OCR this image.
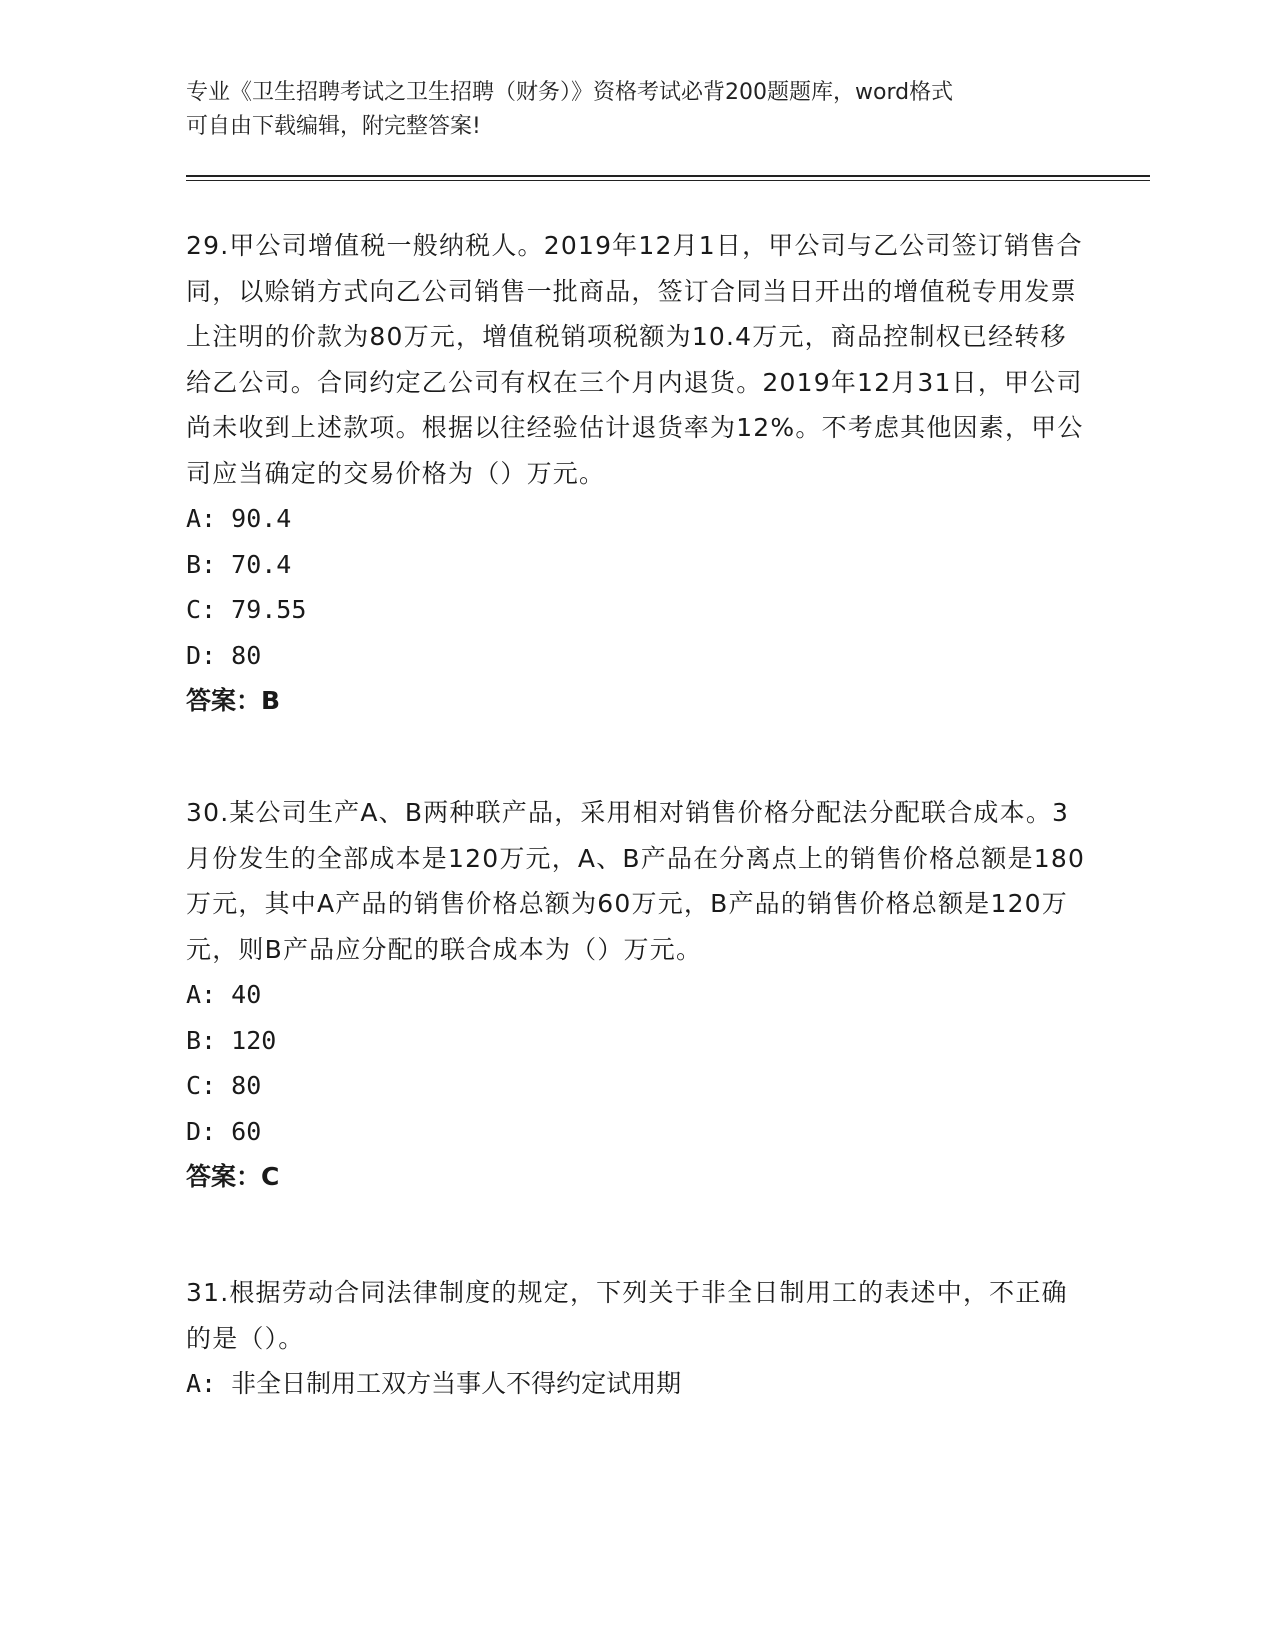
专业《卫生招聘考试之卫生招聘（财务）》资格考试必背200题题库，word格式
可自由下载编辑，附完整答案!
29.甲公司增值税一般纳税人。2019年12月1日，甲公司与乙公司签订销售合同，以赊销方式向乙公司销售一批商品，签订合同当日开出的增值税专用发票上注明的价款为80万元，增值税销项税额为10.4万元，商品控制权已经转移给乙公司。合同约定乙公司有权在三个月内退货。2019年12月31日，甲公司尚未收到上述款项。根据以往经验估计退货率为12%。不考虑其他因素，甲公司应当确定的交易价格为（）万元。
A: 90.4
B: 70.4
C: 79.55
D: 80
答案：B
30.某公司生产A、B两种联产品，采用相对销售价格分配法分配联合成本。3月份发生的全部成本是120万元，A、B产品在分离点上的销售价格总额是180万元，其中A产品的销售价格总额为60万元，B产品的销售价格总额是120万元，则B产品应分配的联合成本为（）万元。
A: 40
B: 120
C: 80
D: 60
答案：C
31.根据劳动合同法律制度的规定，下列关于非全日制用工的表述中，不正确的是（）。
A: 非全日制用工双方当事人不得约定试用期
